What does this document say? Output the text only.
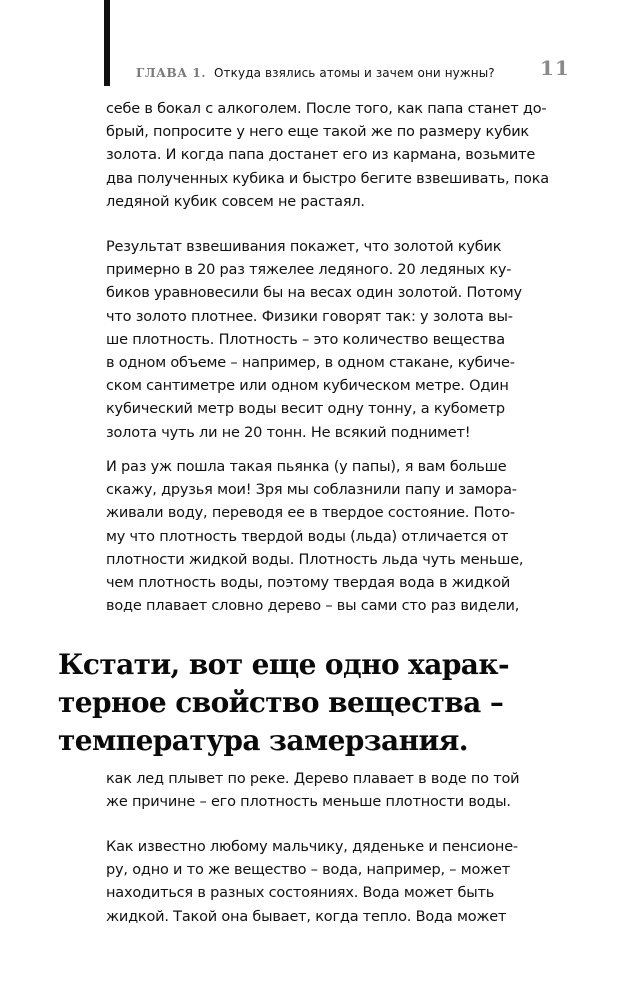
ГЛАВА 1. Откуда взялись атомы и зачем они нужны? 11

себе в бокал с алкоголем. После того, как папа станет до-
брый, попросите у него еще такой же по размеру кубик
золота. И когда папа достанет его из кармана, возьмите
два полученных кубика и быстро бегите взвешивать, пока
ледяной кубик совсем не растаял.

Результат взвешивания покажет, что золотой кубик
примерно в 20 раз тяжелее ледяного. 20 ледяных ку-
биков уравновесили бы на весах один золотой. Потому
что золото плотнее. Физики говорят так: у золота вы-
ше плотность. Плотность – это количество вещества
в одном объеме – например, в одном стакане, кубиче-
ском сантиметре или одном кубическом метре. Один
кубический метр воды весит одну тонну, а кубометр
золота чуть ли не 20 тонн. Не всякий поднимет!

И раз уж пошла такая пьянка (у папы), я вам больше
скажу, друзья мои! Зря мы соблазнили папу и замора-
живали воду, переводя ее в твердое состояние. Пото-
му что плотность твердой воды (льда) отличается от
плотности жидкой воды. Плотность льда чуть меньше,
чем плотность воды, поэтому твердая вода в жидкой
воде плавает словно дерево – вы сами сто раз видели,

Кстати, вот еще одно харак-
терное свойство вещества –
температура замерзания.

как лед плывет по реке. Дерево плавает в воде по той
же причине – его плотность меньше плотности воды.

Как известно любому мальчику, дяденьке и пенсионе-
ру, одно и то же вещество – вода, например, – может
находиться в разных состояниях. Вода может быть
жидкой. Такой она бывает, когда тепло. Вода может
